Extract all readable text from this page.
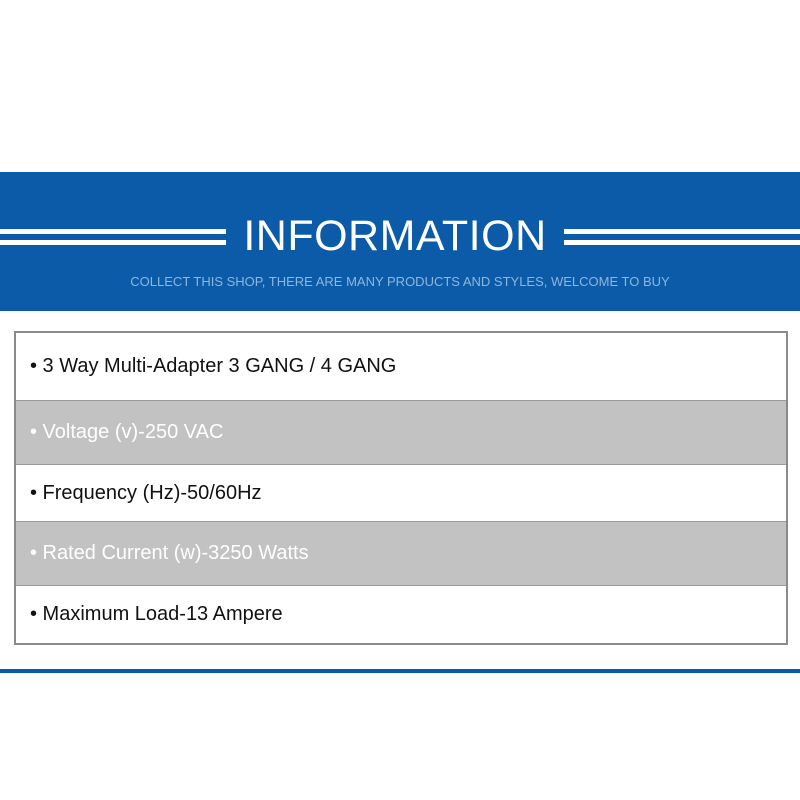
INFORMATION
COLLECT THIS SHOP, THERE ARE MANY PRODUCTS AND STYLES, WELCOME TO BUY
• 3 Way Multi-Adapter 3 GANG / 4 GANG
• Voltage (v)-250 VAC
• Frequency (Hz)-50/60Hz
• Rated Current (w)-3250 Watts
• Maximum Load-13 Ampere
